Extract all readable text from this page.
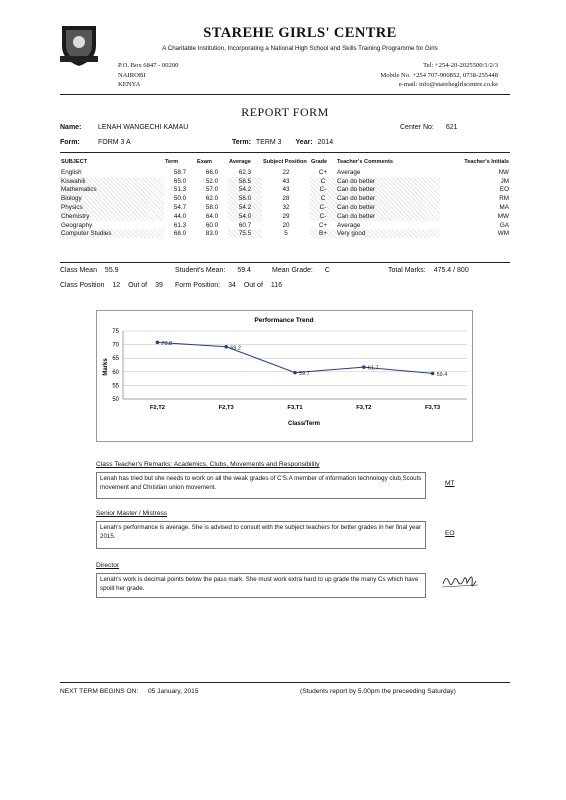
STAREHE GIRLS' CENTRE
A Charitable Institution, Incorporating a National High School and Skills Training Programme for Girls
P.O. Box 6847 - 00200
NAIROBI
KENYA
Tel: +254-20-2025500/1/2/3
Mobile No. +254 707-900852, 0738-255448
e-mail: info@stareheglrlscentre.co.ke
REPORT FORM
Name: LENAH WANGECHI KAMAU	Center No: 621
Form:	FORM 3 A	Term: TERM 3 Year: 2014
SUBJECT	Term	Exam	Average	Subject Position	Grade	Teacher's Comments	Teacher's Initials
English	58.7	66.0	62.3	22	C+	Average	NW
Kiswahili	65.0	52.0	58.5	43	C	Can do better	JM
Mathematics	51.3	57.0	54.2	43	C-	Can do better	EO
Biology	50.0	62.0	56.0	28	C	Can do better	RM
Physics	54.7	58.0	54.2	32	C-	Can do better	MA
Chemistry	44.0	64.0	54.0	29	C-	Can do better	MW
Geography	61.3	60.0	60.7	20	C+	Average	GA
Computer Studies	68.0	83.0	75.5	5	B+	Very good	WM
Class Mean 55.9	Student's Mean: 59.4	Mean Grade: C	Total Marks: 475.4 / 800
Class Position 12 Out of 39 Form Position: 34 Out of 116
Performance Trend
Class/Term
Marks
75
70
65
60
55
50
F2,T2	F2,T3	F3,T1	F3,T2	F3,T3
70.8
69.2
59.7
61.7
59.4
Class Teacher's Remarks: Academics, Clubs, Movements and Responsibility
Lenah has tried but she needs to work on all the weak grades of C'S.A member of information technology club,Scouts movement and Christian union movement.	MT
Senior Master / Mistress
Lenah's performance is average. She is advised to consult with the subject teachers for better grades in her final year 2015.	EO
Director
Lenah's work is decimal points below the pass mark. She must work extra hard to up grade the many Cs which have spoilt her grade.
NEXT TERM BEGINS ON: 05 January, 2015	(Students report by 5.00pm the preceeding Saturday)
